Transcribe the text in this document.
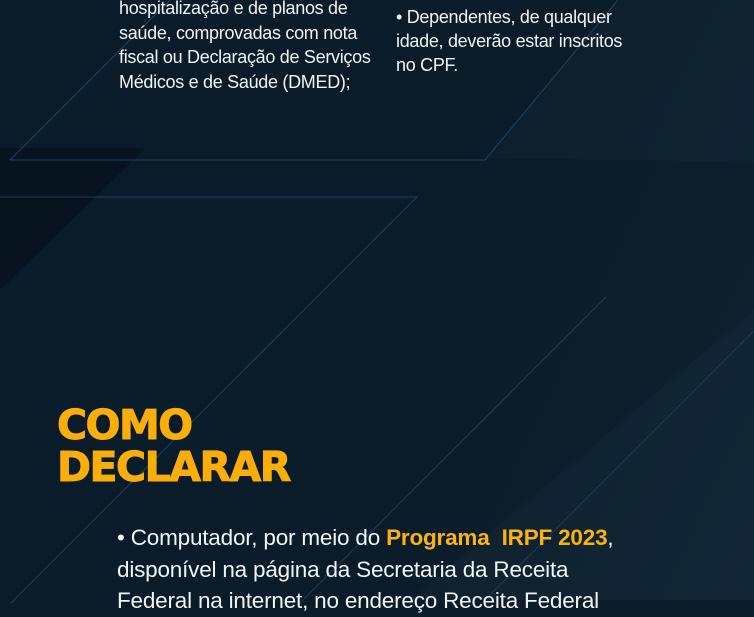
hospitalização e de planos de
saúde, comprovadas com nota
fiscal ou Declaração de Serviços
Médicos e de Saúde (DMED);
• Dependentes, de qualquer
idade, deverão estar inscritos
no CPF.
COMO
DECLARAR
• Computador, por meio do Programa  IRPF 2023,
disponível na página da Secretaria da Receita
Federal na internet, no endereço Receita Federal
